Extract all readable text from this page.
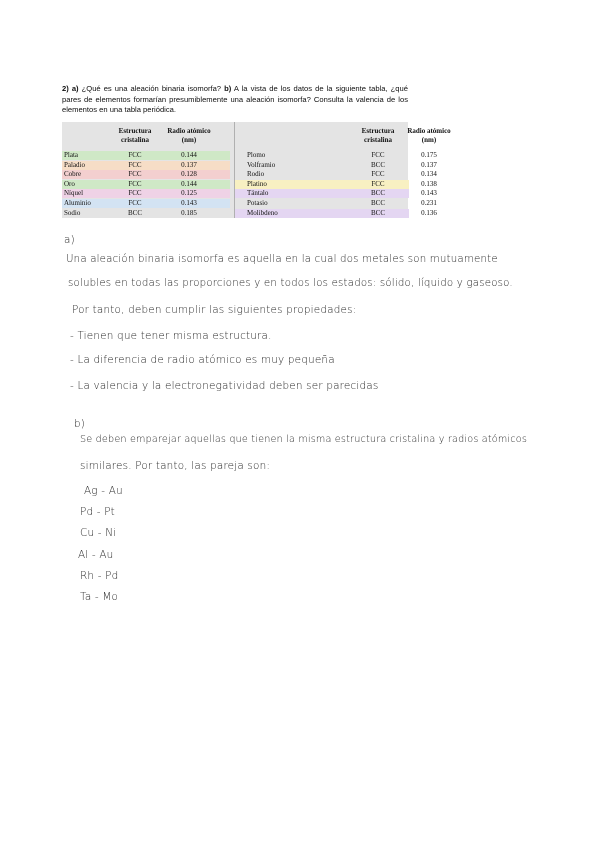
2) a) ¿Qué es una aleación binaria isomorfa? b) A la vista de los datos de la siguiente tabla, ¿qué pares de elementos formarían presumiblemente una aleación isomorfa? Consulta la valencia de los elementos en una tabla periódica.
Estructura cristalina
Radio atómico (nm)
Plata	FCC	0.144
Paladio	FCC	0.137
Cobre	FCC	0.128
Oro	FCC	0.144
Níquel	FCC	0.125
Aluminio	FCC	0.143
Sodio	BCC	0.185
Estructura cristalina
Radio atómico (nm)
Plomo	FCC	0.175
Volframio	BCC	0.137
Rodio	FCC	0.134
Platino	FCC	0.138
Tántalo	BCC	0.143
Potasio	BCC	0.231
Molibdeno	BCC	0.136
a)
Una aleación binaria isomorfa es aquella en la cual dos metales son mutuamente
solubles en todas las proporciones y en todos los estados: sólido, líquido y gaseoso.
Por tanto, deben cumplir las siguientes propiedades:
- Tienen que tener misma estructura.
- La diferencia de radio atómico es muy pequeña
- La valencia y la electronegatividad deben ser parecidas
b)
Se deben emparejar aquellas que tienen la misma estructura cristalina y radios atómicos
similares. Por tanto, las pareja son:
Ag - Au
Pd - Pt
Cu - Ni
Al - Au
Rh - Pd
Ta - Mo
